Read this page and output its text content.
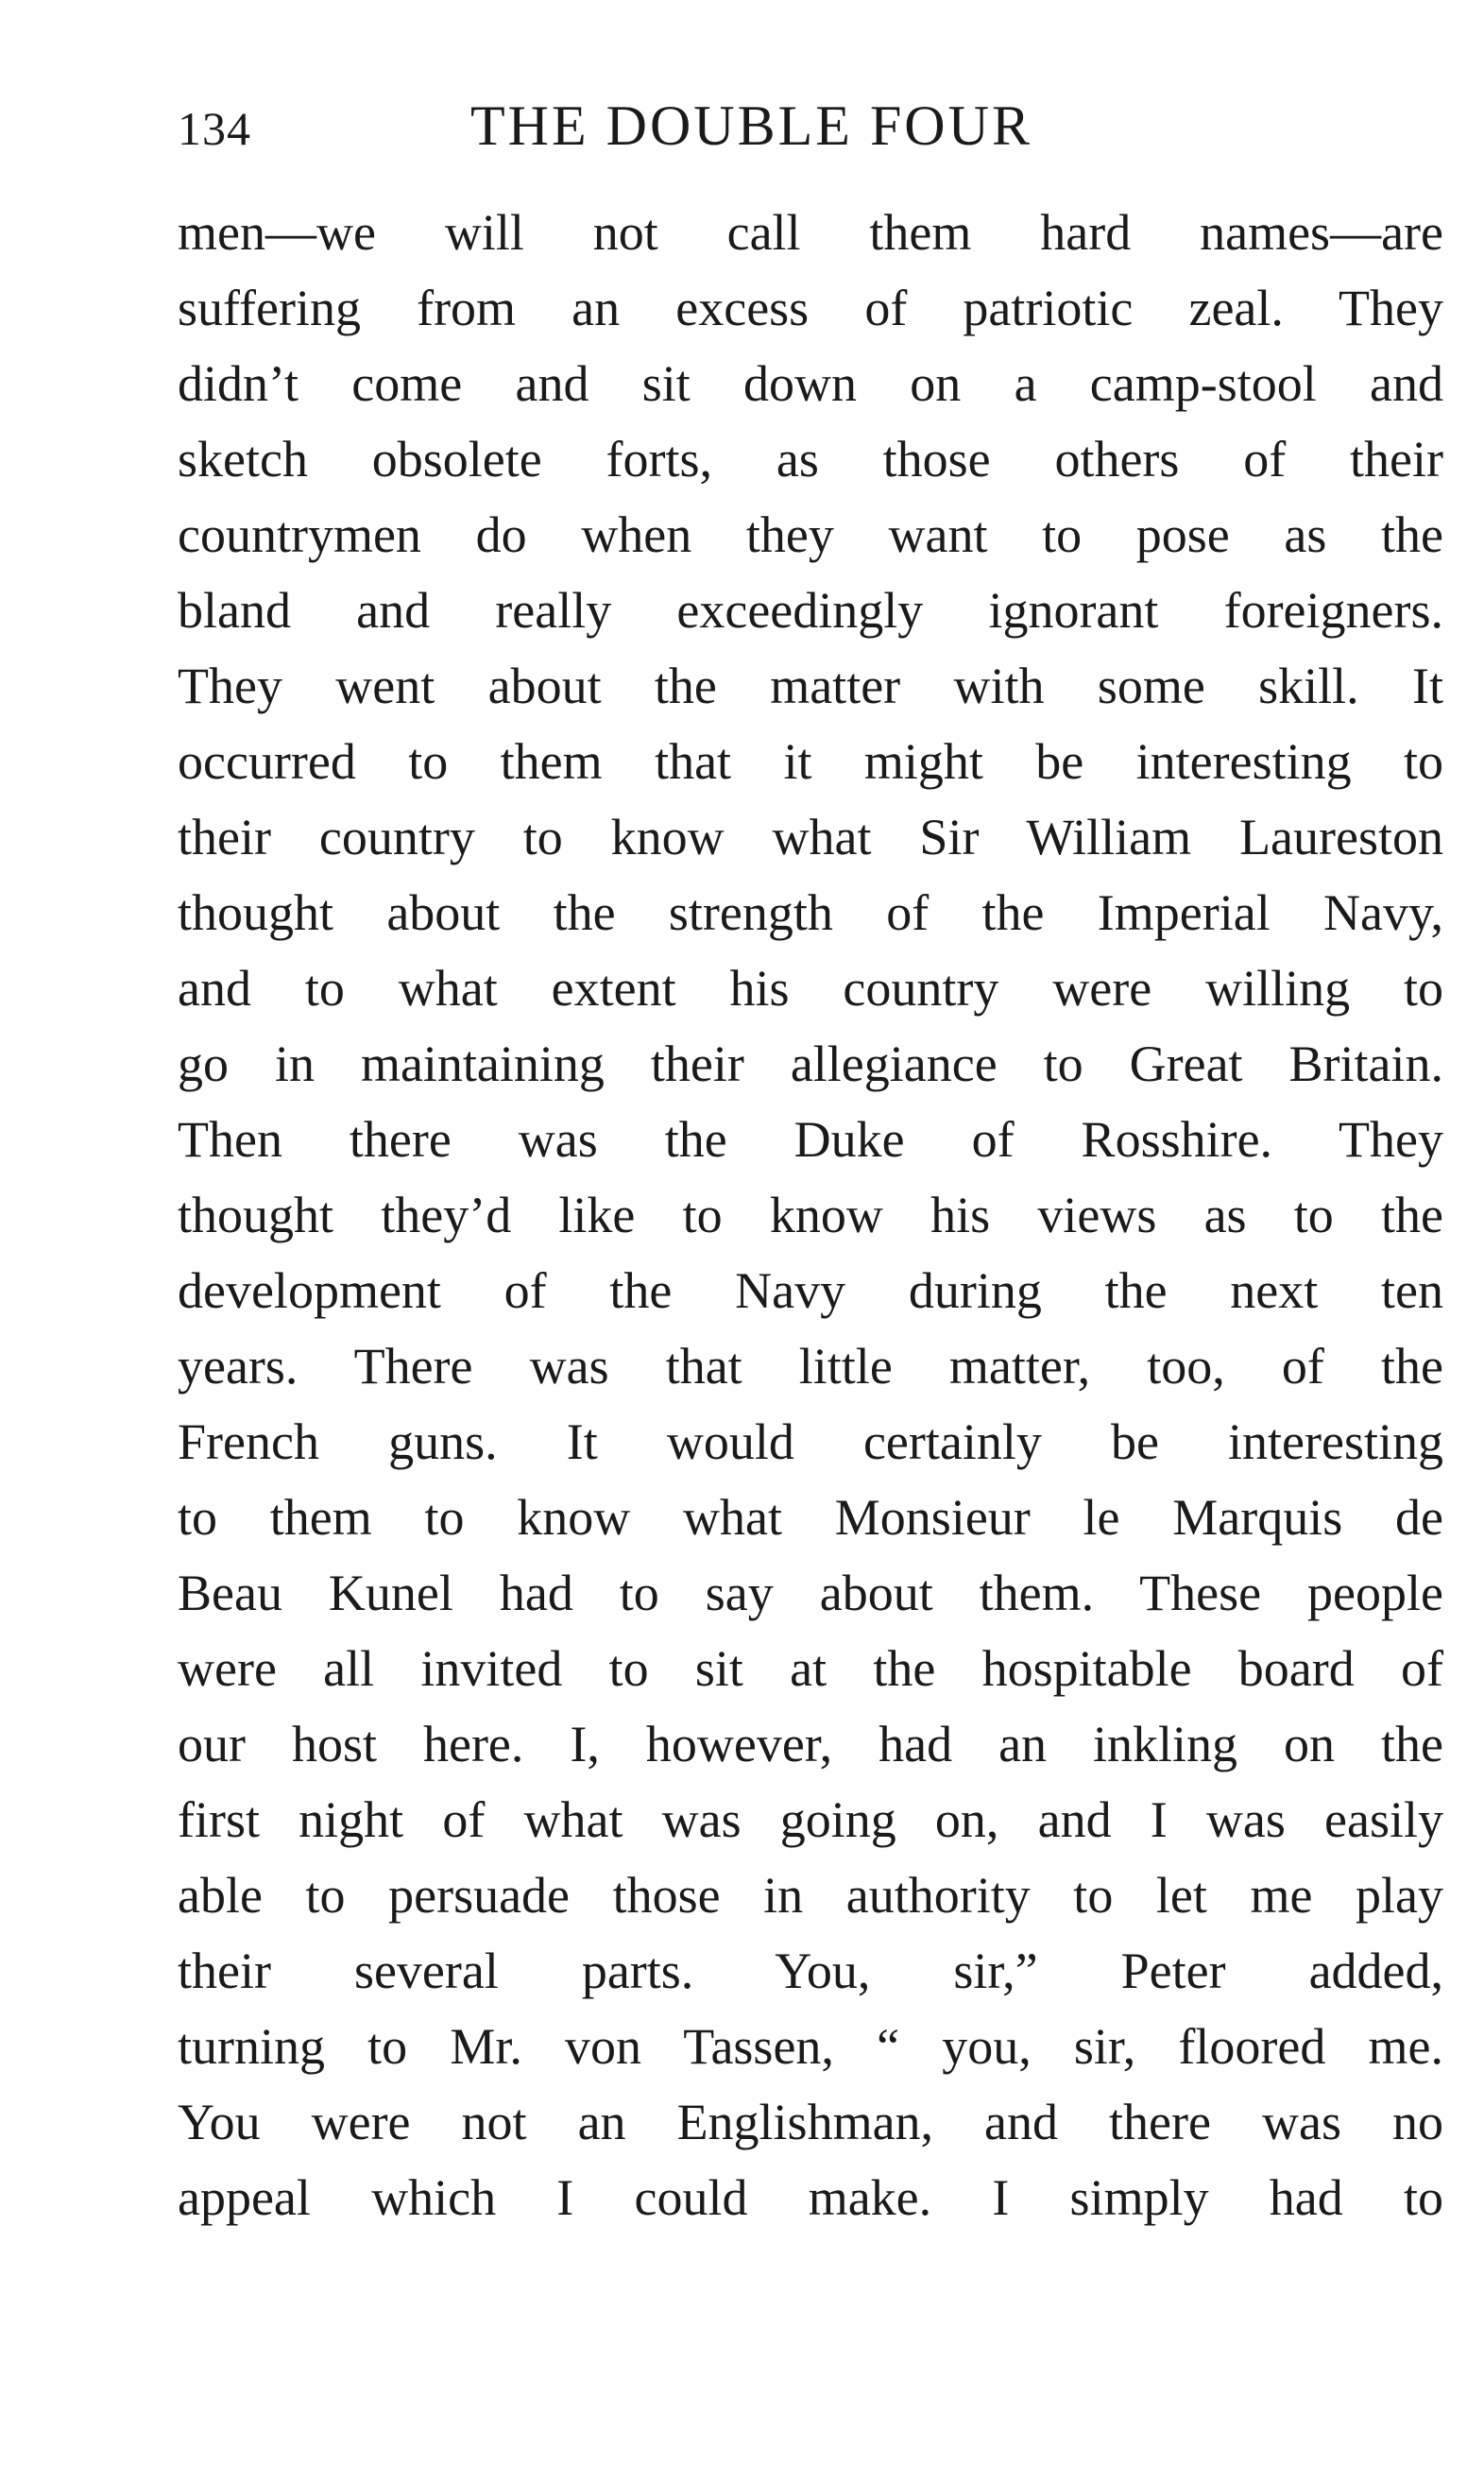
134	THE DOUBLE FOUR
men—we will not call them hard names—are
suffering from an excess of patriotic zeal. They
didn’t come and sit down on a camp-stool and
sketch obsolete forts, as those others of their
countrymen do when they want to pose as the
bland and really exceedingly ignorant foreigners.
They went about the matter with some skill. It
occurred to them that it might be interesting to
their country to know what Sir William Laureston
thought about the strength of the Imperial Navy,
and to what extent his country were willing to
go in maintaining their allegiance to Great Britain.
Then there was the Duke of Rosshire. They
thought they’d like to know his views as to the
development of the Navy during the next ten
years. There was that little matter, too, of the
French guns. It would certainly be interesting
to them to know what Monsieur le Marquis de
Beau Kunel had to say about them. These people
were all invited to sit at the hospitable board of
our host here. I, however, had an inkling on the
first night of what was going on, and I was easily
able to persuade those in authority to let me play
their several parts. You, sir,” Peter added,
turning to Mr. von Tassen, “ you, sir, floored me.
You were not an Englishman, and there was no
appeal which I could make. I simply had to
